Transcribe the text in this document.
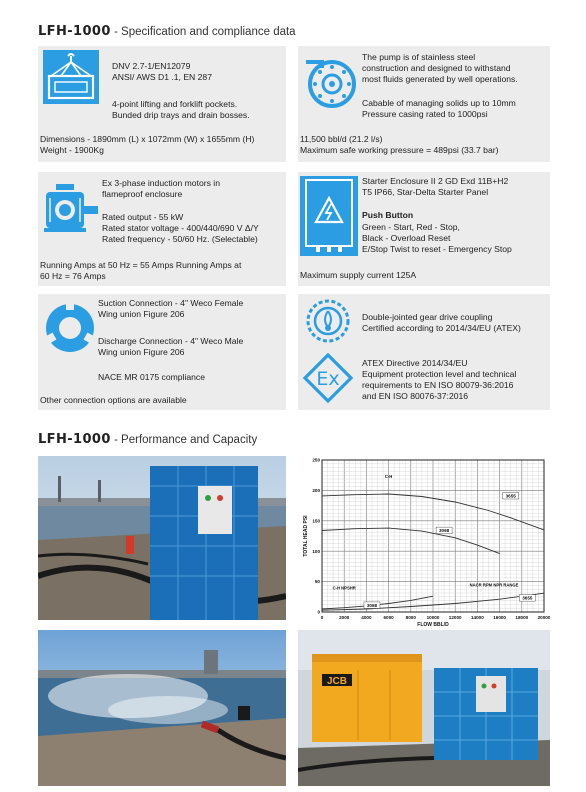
LFH-1000 - Specification and compliance data
DNV 2.7-1/EN12079
ANSI/ AWS D1 .1, EN 287
4-point lifting and forklift pockets.
Bunded drip trays and drain bosses.
Dimensions - 1890mm (L) x 1072mm (W) x 1655mm (H)
Weight - 1900Kg
The pump is of stainless steel
construction and designed to withstand
most fluids generated by well operations.
Cabable of managing solids up to 10mm
Pressure casing rated to 1000psi
11,500 bbl/d (21.2 l/s)
Maximum safe working pressure = 489psi (33.7 bar)
Ex 3-phase induction motors in
flameproof enclosure
Rated output - 55 kW
Rated stator voltage - 400/440/690 V Δ/Y
Rated frequency - 50/60 Hz. (Selectable)
Running Amps at 50 Hz = 55 Amps Running Amps at
60 Hz = 76 Amps
Starter Enclosure II 2 GD Exd 11B+H2
T5 IP66, Star-Delta Starter Panel
Push Button
Green - Start, Red - Stop,
Black - Overload Reset
E/Stop Twist to reset - Emergency Stop
Maximum supply current 125A
Suction Connection - 4" Weco Female
Wing union Figure 206
Discharge Connection - 4" Weco Male
Wing union Figure 206
NACE MR 0175 compliance
Other connection options are available
Double-jointed gear drive coupling
Certified according to 2014/34/EU (ATEX)
Ex
ATEX Directive 2014/34/EU
Equipment protection level and technical
requirements to EN ISO 80079-36:2016
and EN ISO 80076-37:2016
LFH-1000 - Performance and Capacity
0	2000	4000	6000	8000 10000 12000 14000 16000 18000 20000
0
50
100
150
200
250
FLOW BBL/D
TOTAL HEAD PSI
3655
3068
3068
3655
C-H
C-H NPSHR
NACR RPM NPR RANGE
JCB
